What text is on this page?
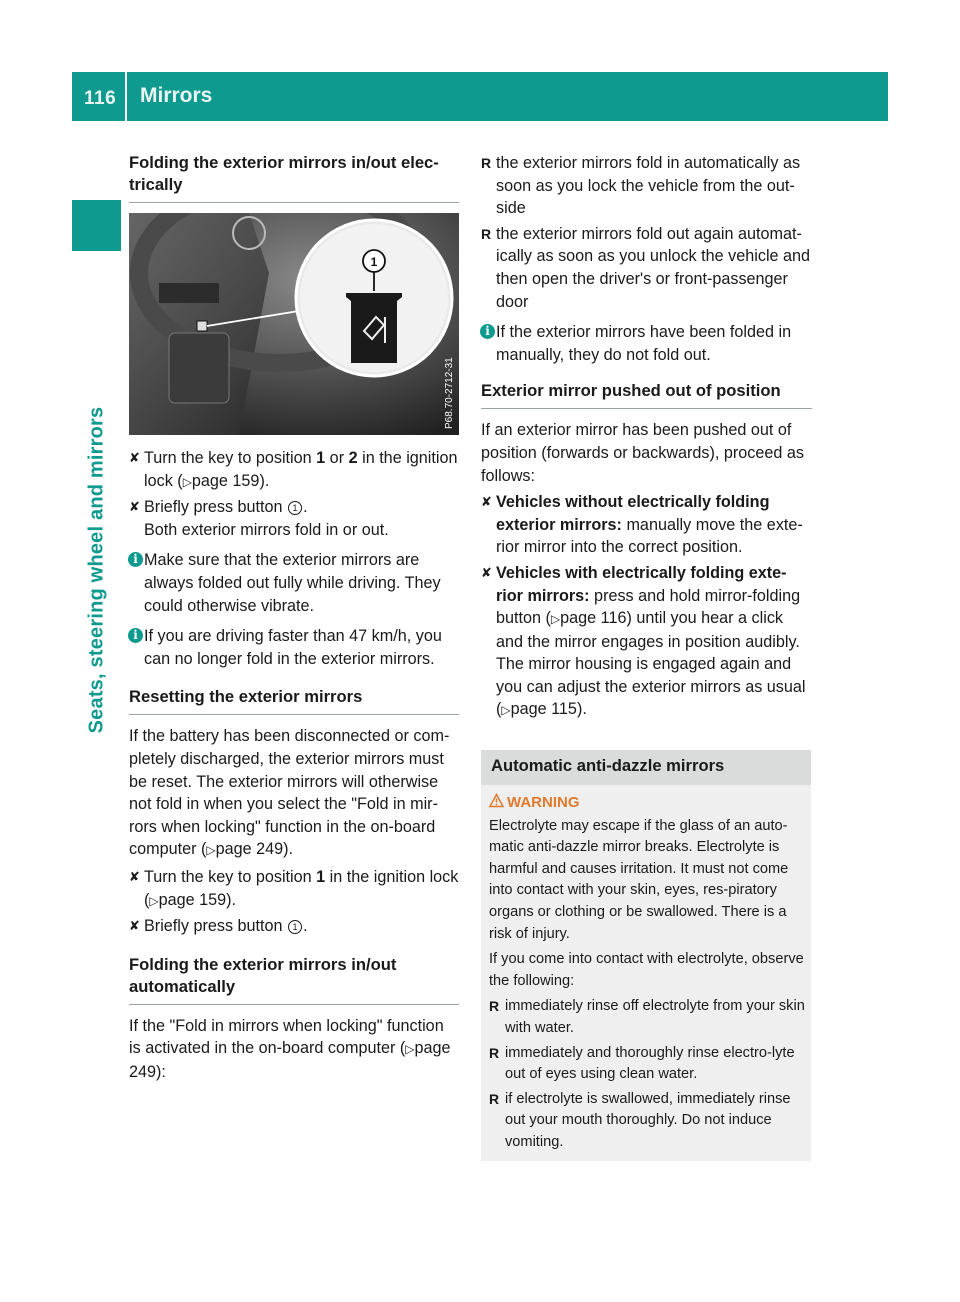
116 Mirrors
Seats, steering wheel and mirrors
Folding the exterior mirrors in/out elec-trically
1
P68.70-2712-31
✘ Turn the key to position 1 or 2 in the ignition lock (▷page 159).
✘ Briefly press button 1 .
Both exterior mirrors fold in or out.
i Make sure that the exterior mirrors are always folded out fully while driving. They could otherwise vibrate.
i If you are driving faster than 47 km/h, you can no longer fold in the exterior mirrors.
Resetting the exterior mirrors
If the battery has been disconnected or com-pletely discharged, the exterior mirrors must be reset. The exterior mirrors will otherwise not fold in when you select the "Fold in mir-rors when locking" function in the on-board computer (▷page 249).
✘ Turn the key to position 1 in the ignition lock (▷page 159).
✘ Briefly press button 1 .
Folding the exterior mirrors in/out automatically
If the "Fold in mirrors when locking" function is activated in the on-board computer (▷page 249):
R the exterior mirrors fold in automatically as soon as you lock the vehicle from the out-side
R the exterior mirrors fold out again automat-ically as soon as you unlock the vehicle and then open the driver's or front-passenger door
i If the exterior mirrors have been folded in manually, they do not fold out.
Exterior mirror pushed out of position
If an exterior mirror has been pushed out of position (forwards or backwards), proceed as follows:
✘ Vehicles without electrically folding exterior mirrors: manually move the exte-rior mirror into the correct position.
✘ Vehicles with electrically folding exte-rior mirrors: press and hold mirror-folding button (▷page 116) until you hear a click and the mirror engages in position audibly. The mirror housing is engaged again and you can adjust the exterior mirrors as usual (▷page 115).
Automatic anti-dazzle mirrors
WARNING
Electrolyte may escape if the glass of an auto-matic anti-dazzle mirror breaks. Electrolyte is harmful and causes irritation. It must not come into contact with your skin, eyes, res-piratory organs or clothing or be swallowed. There is a risk of injury.
If you come into contact with electrolyte, observe the following:
R immediately rinse off electrolyte from your skin with water.
R immediately and thoroughly rinse electro-lyte out of eyes using clean water.
R if electrolyte is swallowed, immediately rinse out your mouth thoroughly. Do not induce vomiting.
